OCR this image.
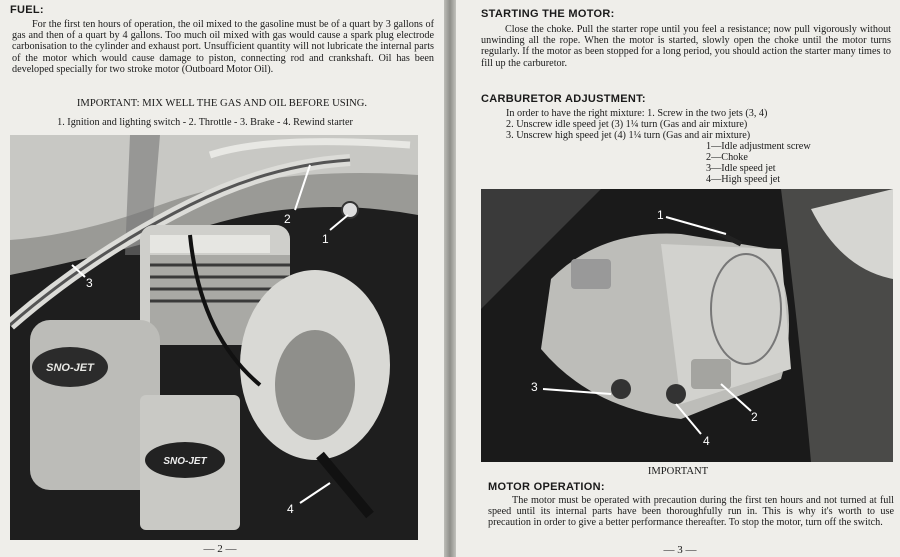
FUEL:
For the first ten hours of operation, the oil mixed to the gasoline must be of a quart by 3 gallons of gas and then of a quart by 4 gallons. Too much oil mixed with gas would cause a spark plug electrode carbonisation to the cylinder and exhaust port. Unsufficient quantity will not lubricate the internal parts of the motor which would cause damage to piston, connecting rod and crankshaft. Oil has been developed specially for two stroke motor (Outboard Motor Oil).
IMPORTANT: MIX WELL THE GAS AND OIL BEFORE USING.
1. Ignition and lighting switch - 2. Throttle - 3. Brake - 4. Rewind starter
SNO-JET
SNO-JET
2
1
3
4
— 2 —
STARTING THE MOTOR:
Close the choke. Pull the starter rope until you feel a resistance; now pull vigorously without unwinding all the rope. When the motor is started, slowly open the choke until the motor turns regularly. If the motor as been stopped for a long period, you should action the starter many times to fill up the carburetor.
CARBURETOR ADJUSTMENT:
In order to have the right mixture: 1. Screw in the two jets (3, 4)
2. Unscrew idle speed jet (3) 1¼ turn (Gas and air mixture)
3. Unscrew high speed jet (4) 1¼ turn (Gas and air mixture)
1—Idle adjustment screw
2—Choke
3—Idle speed jet
4—High speed jet
1
2
3
4
IMPORTANT
MOTOR OPERATION:
The motor must be operated with precaution during the first ten hours and not turned at full speed until its internal parts have been thoroughfully run in. This is why it's worth to use precaution in order to give a better performance thereafter. To stop the motor, turn off the switch.
— 3 —
